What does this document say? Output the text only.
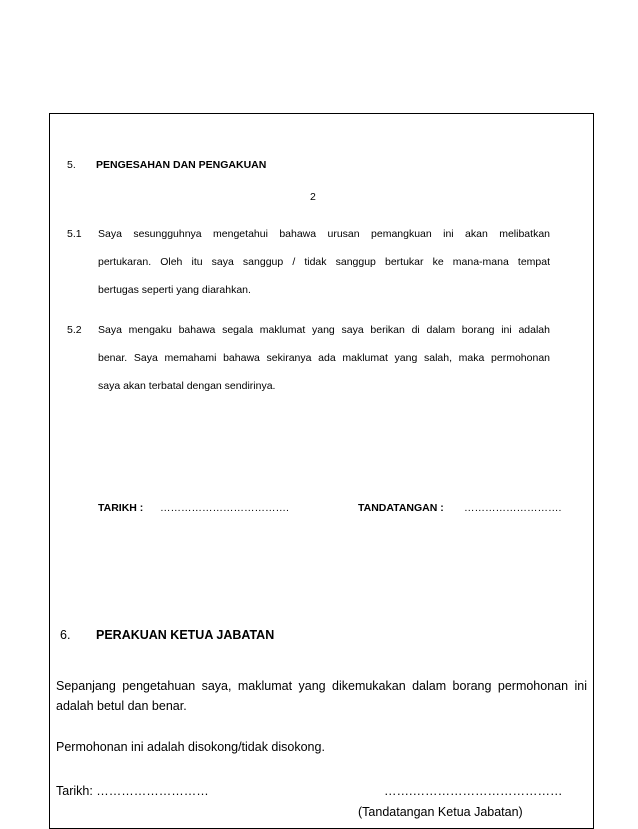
5. PENGESAHAN DAN PENGAKUAN
2
5.1 Saya sesungguhnya mengetahui bahawa urusan pemangkuan ini akan melibatkan
pertukaran. Oleh itu saya sanggup / tidak sanggup bertukar ke mana-mana tempat
bertugas seperti yang diarahkan.
5.2 Saya mengaku bahawa segala maklumat yang saya berikan di dalam borang ini adalah
benar. Saya memahami bahawa sekiranya ada maklumat yang salah, maka permohonan
saya akan terbatal dengan sendirinya.
TARIKH : ……………………………….	TANDATANGAN : ……………………….
6. PERAKUAN KETUA JABATAN
Sepanjang pengetahuan saya, maklumat yang dikemukakan dalam borang permohonan ini
adalah betul dan benar.
Permohonan ini adalah disokong/tidak disokong.
Tarikh: ………………………	…….………………………………
(Tandatangan Ketua Jabatan)
